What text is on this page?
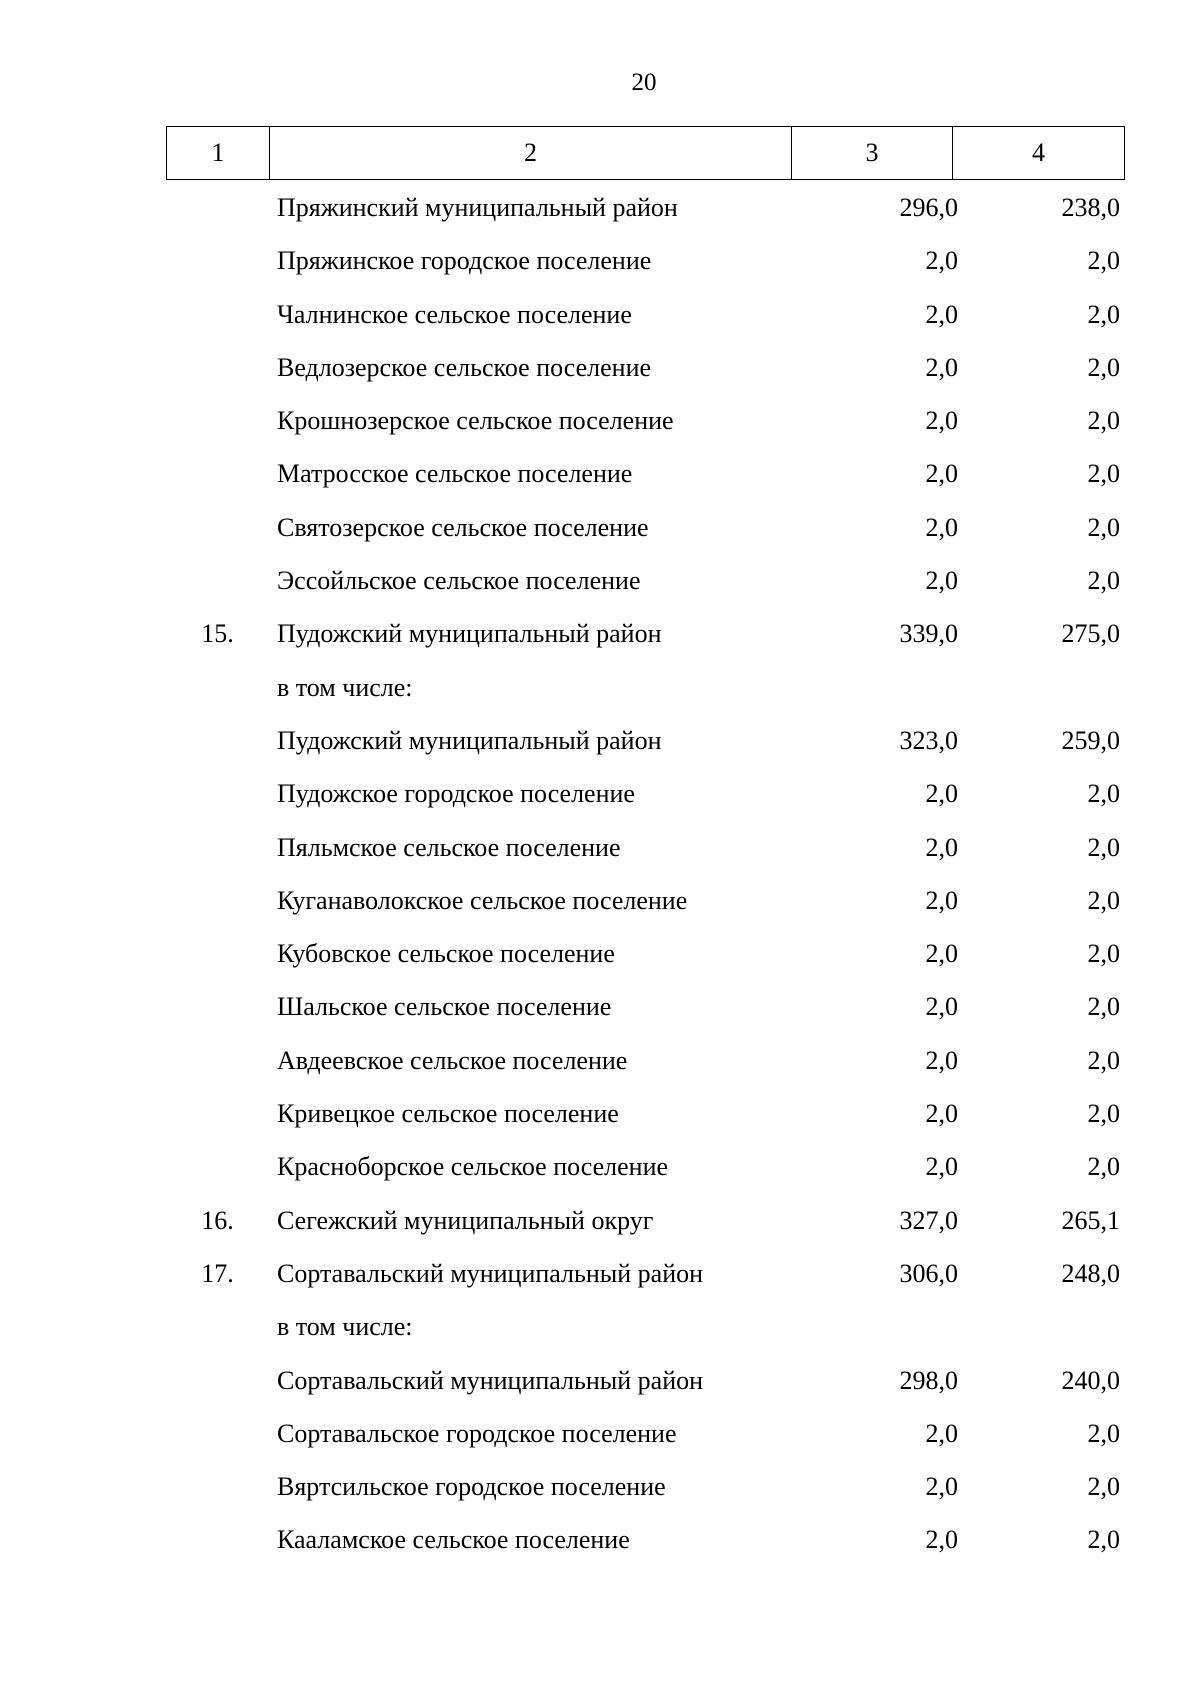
20
1	2	3	4
Пряжинский муниципальный район	296,0	238,0
Пряжинское городское поселение	2,0	2,0
Чалнинское сельское поселение	2,0	2,0
Ведлозерское сельское поселение	2,0	2,0
Крошнозерское сельское поселение	2,0	2,0
Матросское сельское поселение	2,0	2,0
Святозерское сельское поселение	2,0	2,0
Эссойльское сельское поселение	2,0	2,0
15.	Пудожский муниципальный район	339,0	275,0
в том числе:
Пудожский муниципальный район	323,0	259,0
Пудожское городское поселение	2,0	2,0
Пяльмское сельское поселение	2,0	2,0
Куганаволокское сельское поселение	2,0	2,0
Кубовское сельское поселение	2,0	2,0
Шальское сельское поселение	2,0	2,0
Авдеевское сельское поселение	2,0	2,0
Кривецкое сельское поселение	2,0	2,0
Красноборское сельское поселение	2,0	2,0
16.	Сегежский муниципальный округ	327,0	265,1
17.	Сортавальский муниципальный район	306,0	248,0
в том числе:
Сортавальский муниципальный район	298,0	240,0
Сортавальское городское поселение	2,0	2,0
Вяртсильское городское поселение	2,0	2,0
Кааламское сельское поселение	2,0	2,0
